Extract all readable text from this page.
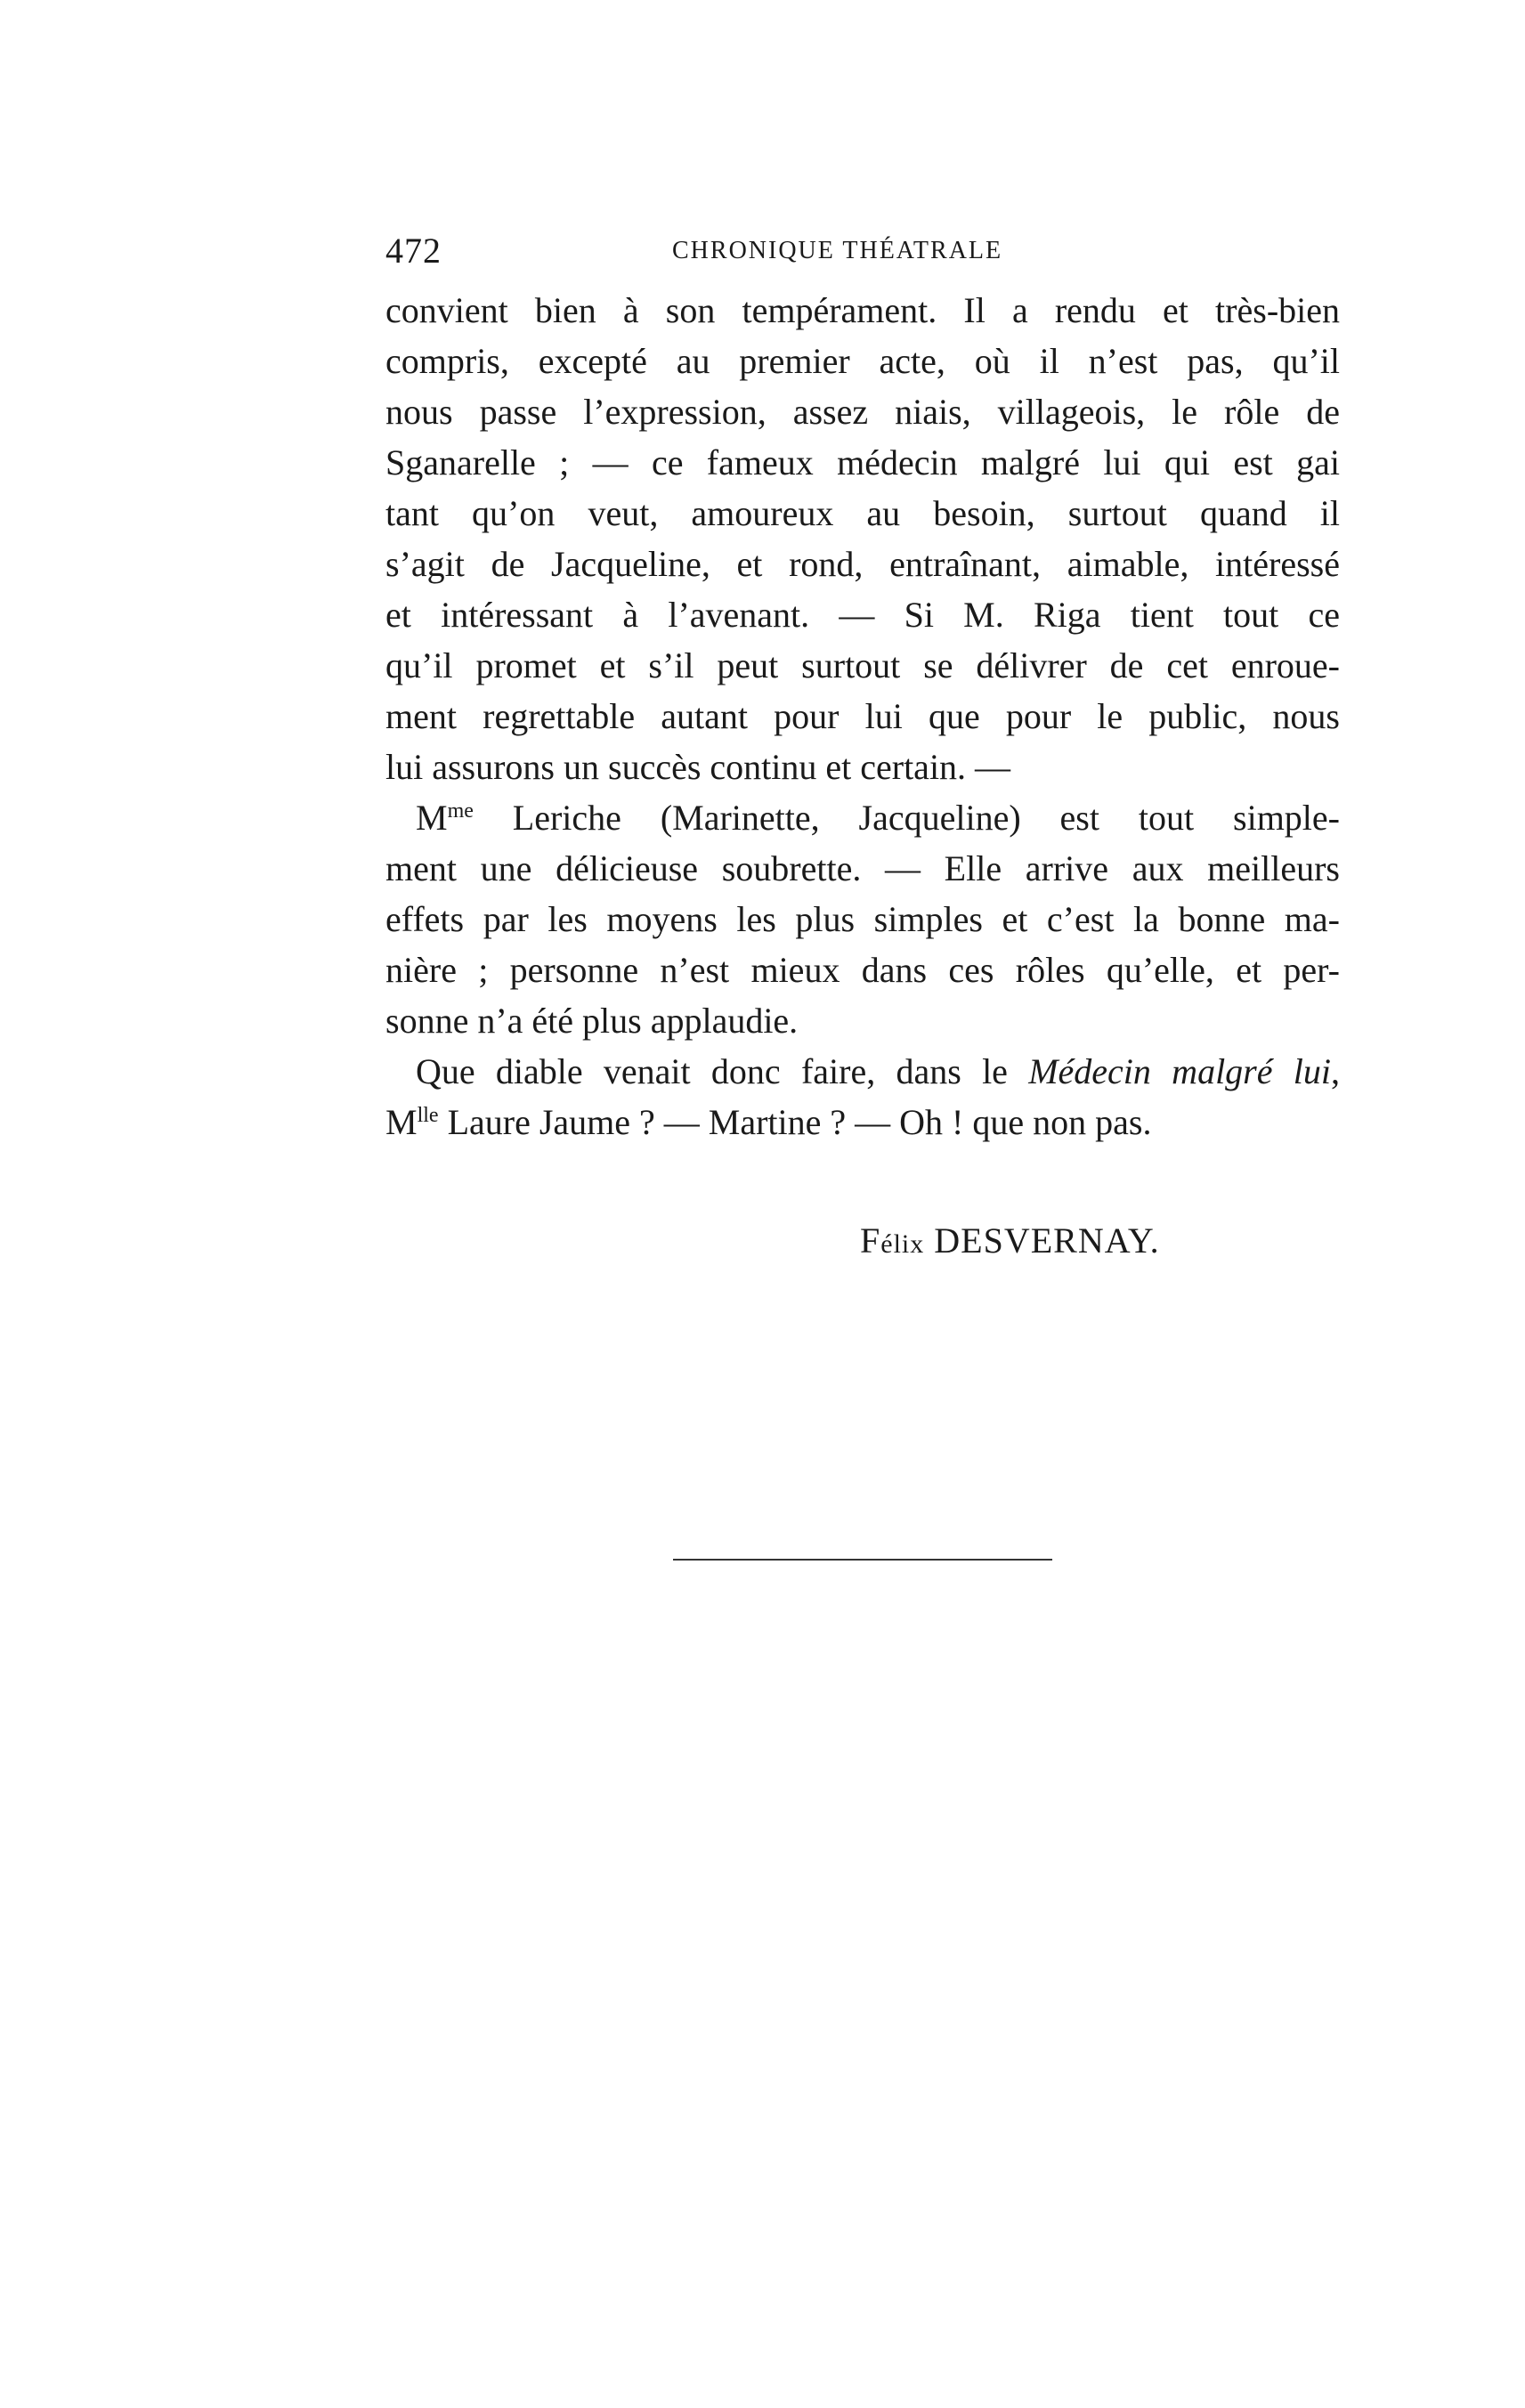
472	CHRONIQUE THÉATRALE
convient bien à son tempérament. Il a rendu et très-bien
compris, excepté au premier acte, où il n’est pas, qu’il
nous passe l’expression, assez niais, villageois, le rôle de
Sganarelle ; — ce fameux médecin malgré lui qui est gai
tant qu’on veut, amoureux au besoin, surtout quand il
s’agit de Jacqueline, et rond, entraînant, aimable, intéressé
et intéressant à l’avenant. — Si M. Riga tient tout ce
qu’il promet et s’il peut surtout se délivrer de cet enroue-
ment regrettable autant pour lui que pour le public, nous
lui assurons un succès continu et certain. —
$M^{me}$ Leriche (Marinette, Jacqueline) est tout simple-
ment une délicieuse soubrette. — Elle arrive aux meilleurs
effets par les moyens les plus simples et c’est la bonne ma-
nière ; personne n’est mieux dans ces rôles qu’elle, et per-
sonne n’a été plus applaudie.
Que diable venait donc faire, dans le Médecin malgré lui,
$M^{lle}$ Laure Jaume ? — Martine ? — Oh ! que non pas.
Félix DESVERNAY.
